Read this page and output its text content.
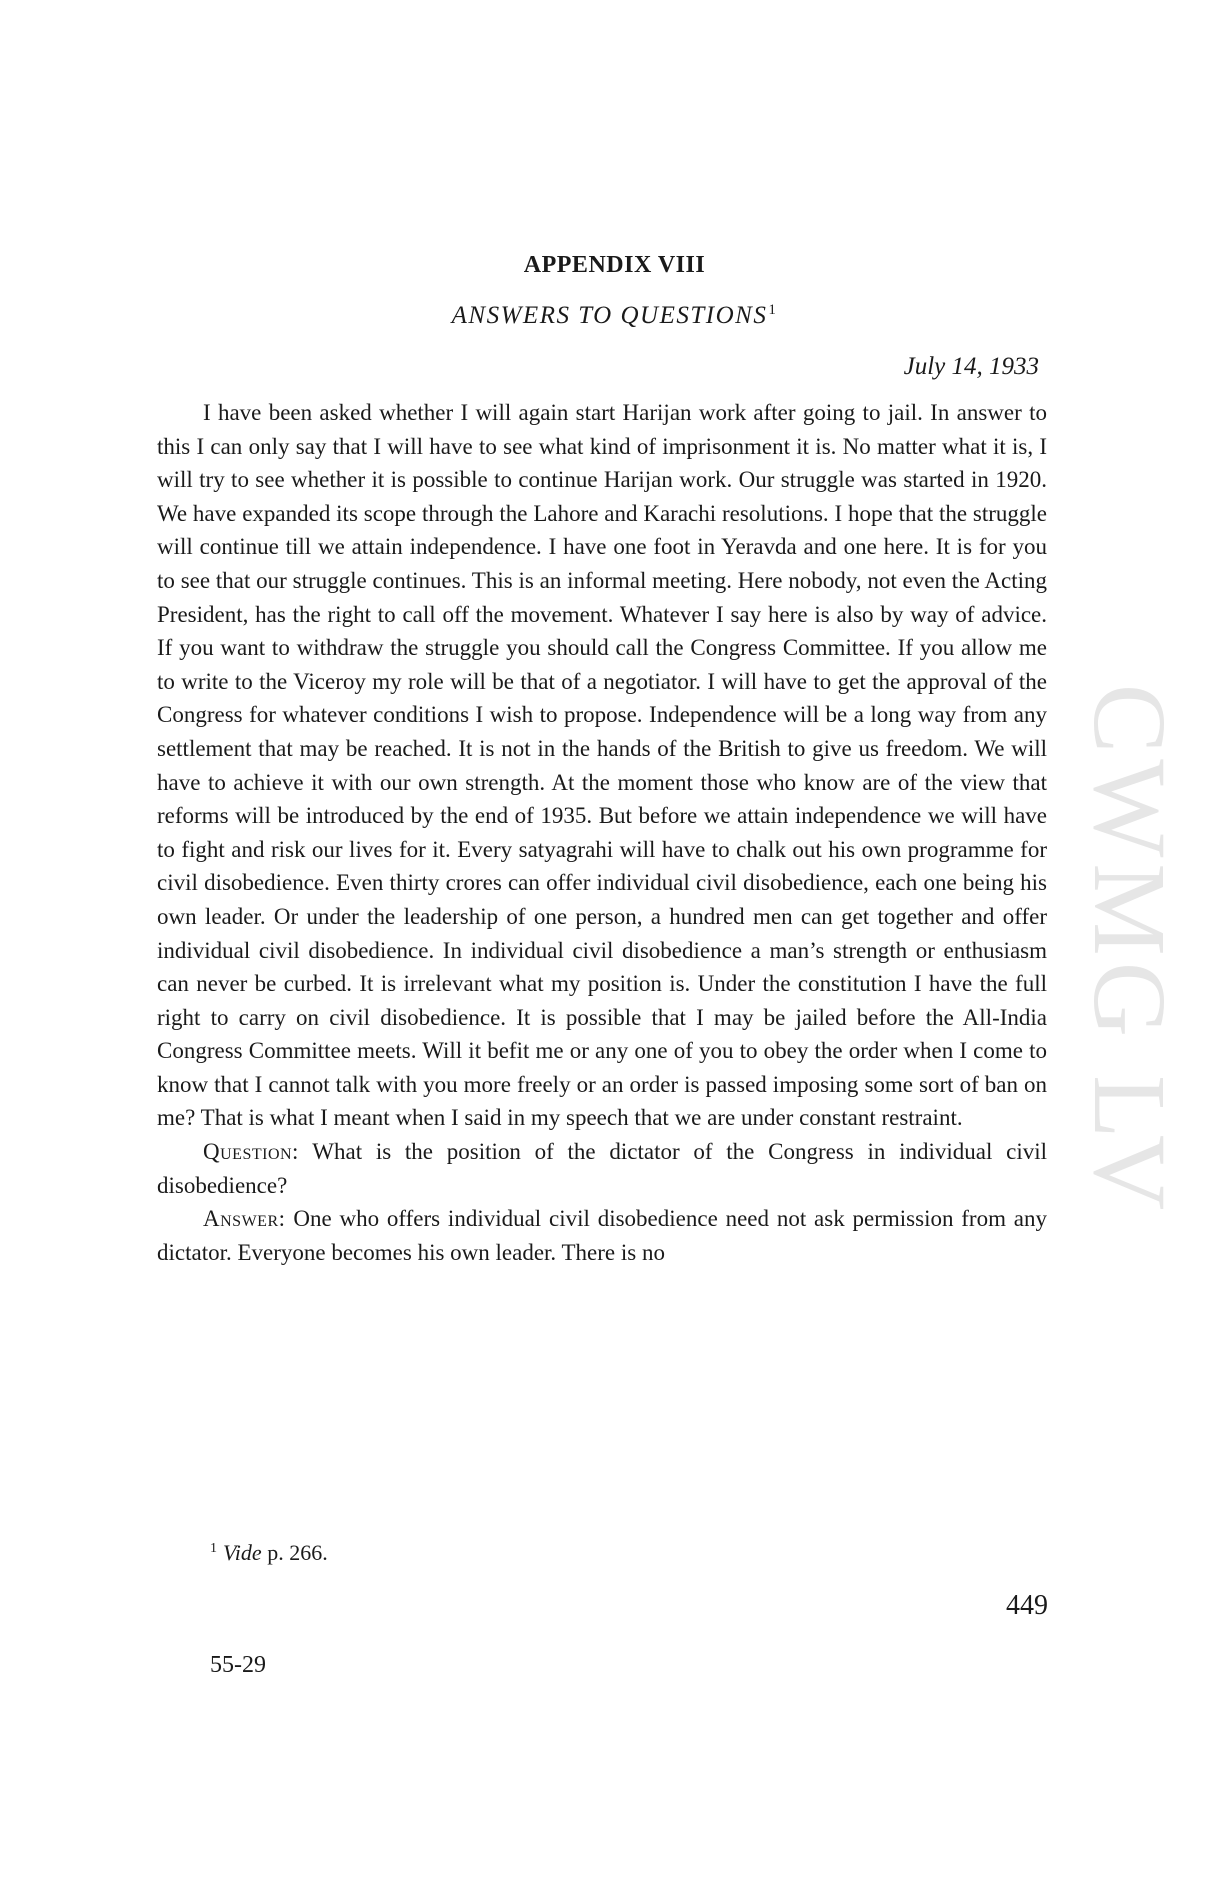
CWMG LV
APPENDIX VIII
ANSWERS TO QUESTIONS$^1$
July 14, 1933

I have been asked whether I will again start Harijan work after going to jail. In answer to this I can only say that I will have to see what kind of imprisonment it is. No matter what it is, I will try to see whether it is possible to continue Harijan work. Our struggle was started in 1920. We have expanded its scope through the Lahore and Karachi resolutions. I hope that the struggle will continue till we attain independence. I have one foot in Yeravda and one here. It is for you to see that our struggle continues. This is an informal meeting. Here nobody, not even the Acting President, has the right to call off the movement. Whatever I say here is also by way of advice. If you want to withdraw the struggle you should call the Congress Committee. If you allow me to write to the Viceroy my role will be that of a negotiator. I will have to get the approval of the Congress for whatever conditions I wish to propose. Independence will be a long way from any settlement that may be reached. It is not in the hands of the British to give us freedom. We will have to achieve it with our own strength. At the moment those who know are of the view that reforms will be introduced by the end of 1935. But before we attain independence we will have to fight and risk our lives for it. Every satyagrahi will have to chalk out his own programme for civil disobedience. Even thirty crores can offer individual civil disobedience, each one being his own leader. Or under the leadership of one person, a hundred men can get together and offer individual civil disobedience. In individual civil disobedience a man’s strength or enthusiasm can never be curbed. It is irrelevant what my position is. Under the constitution I have the full right to carry on civil disobedience. It is possible that I may be jailed before the All-India Congress Committee meets. Will it befit me or any one of you to obey the order when I come to know that I cannot talk with you more freely or an order is passed imposing some sort of ban on me? That is what I meant when I said in my speech that we are under constant restraint.

Question: What is the position of the dictator of the Congress in individual civil disobedience?

Answer: One who offers individual civil disobedience need not ask permission from any dictator. Everyone becomes his own leader. There is no

$^1$ Vide p. 266.
449
55-29
